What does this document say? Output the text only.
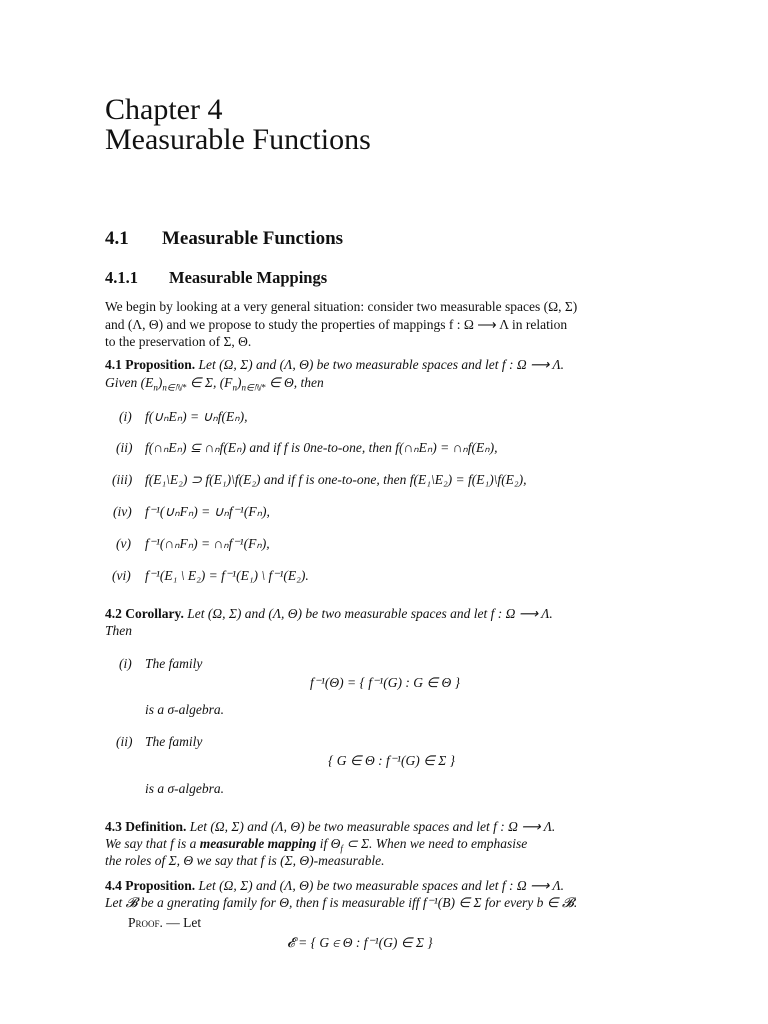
Chapter 4
Measurable Functions
4.1 Measurable Functions
4.1.1 Measurable Mappings
We begin by looking at a very general situation: consider two measurable spaces (Ω, Σ)
and (Λ, Θ) and we propose to study the properties of mappings f : Ω ⟶ Λ in relation
to the preservation of Σ, Θ.
4.1 Proposition. Let (Ω, Σ) and (Λ, Θ) be two measurable spaces and let f : Ω ⟶ Λ.
Given $(E_n)_{n\in ℕ*}$ ∈ Σ, $(F_n)_{n\in ℕ*}$ ∈ Θ, then
(i) f(∪ₙEₙ) = ∪ₙf(Eₙ),
(ii) f(∩ₙEₙ) ⊆ ∩ₙf(Eₙ) and if f is 0ne-to-one, then f(∩ₙEₙ) = ∩ₙf(Eₙ),
(iii) f(E₁\E₂) ⊃ f(E₁)\f(E₂) and if f is one-to-one, then f(E₁\E₂) = f(E₁)\f(E₂),
(iv) f⁻¹(∪ₙFₙ) = ∪ₙf⁻¹(Fₙ),
(v) f⁻¹(∩ₙFₙ) = ∩ₙf⁻¹(Fₙ),
(vi) f⁻¹(E₁ \ E₂) = f⁻¹(E₁) \ f⁻¹(E₂).
4.2 Corollary. Let (Ω, Σ) and (Λ, Θ) be two measurable spaces and let f : Ω ⟶ Λ.
Then
(i) The family
f⁻¹(Θ) = { f⁻¹(G) : G ∈ Θ }
is a σ-algebra.
(ii) The family
{ G ∈ Θ : f⁻¹(G) ∈ Σ }
is a σ-algebra.
4.3 Definition. Let (Ω, Σ) and (Λ, Θ) be two measurable spaces and let f : Ω ⟶ Λ.
We say that f is a measurable mapping if $\Theta_f$ ⊂ Σ. When we need to emphasise
the roles of Σ, Θ we say that f is (Σ, Θ)-measurable.
4.4 Proposition. Let (Ω, Σ) and (Λ, Θ) be two measurable spaces and let f : Ω ⟶ Λ.
Let 𝓑 be a gnerating family for Θ, then f is measurable iff f⁻¹(B) ∈ Σ for every b ∈ 𝓑.
Proof. — Let
𝓔 = { G ∈ Θ : f⁻¹(G) ∈ Σ }
